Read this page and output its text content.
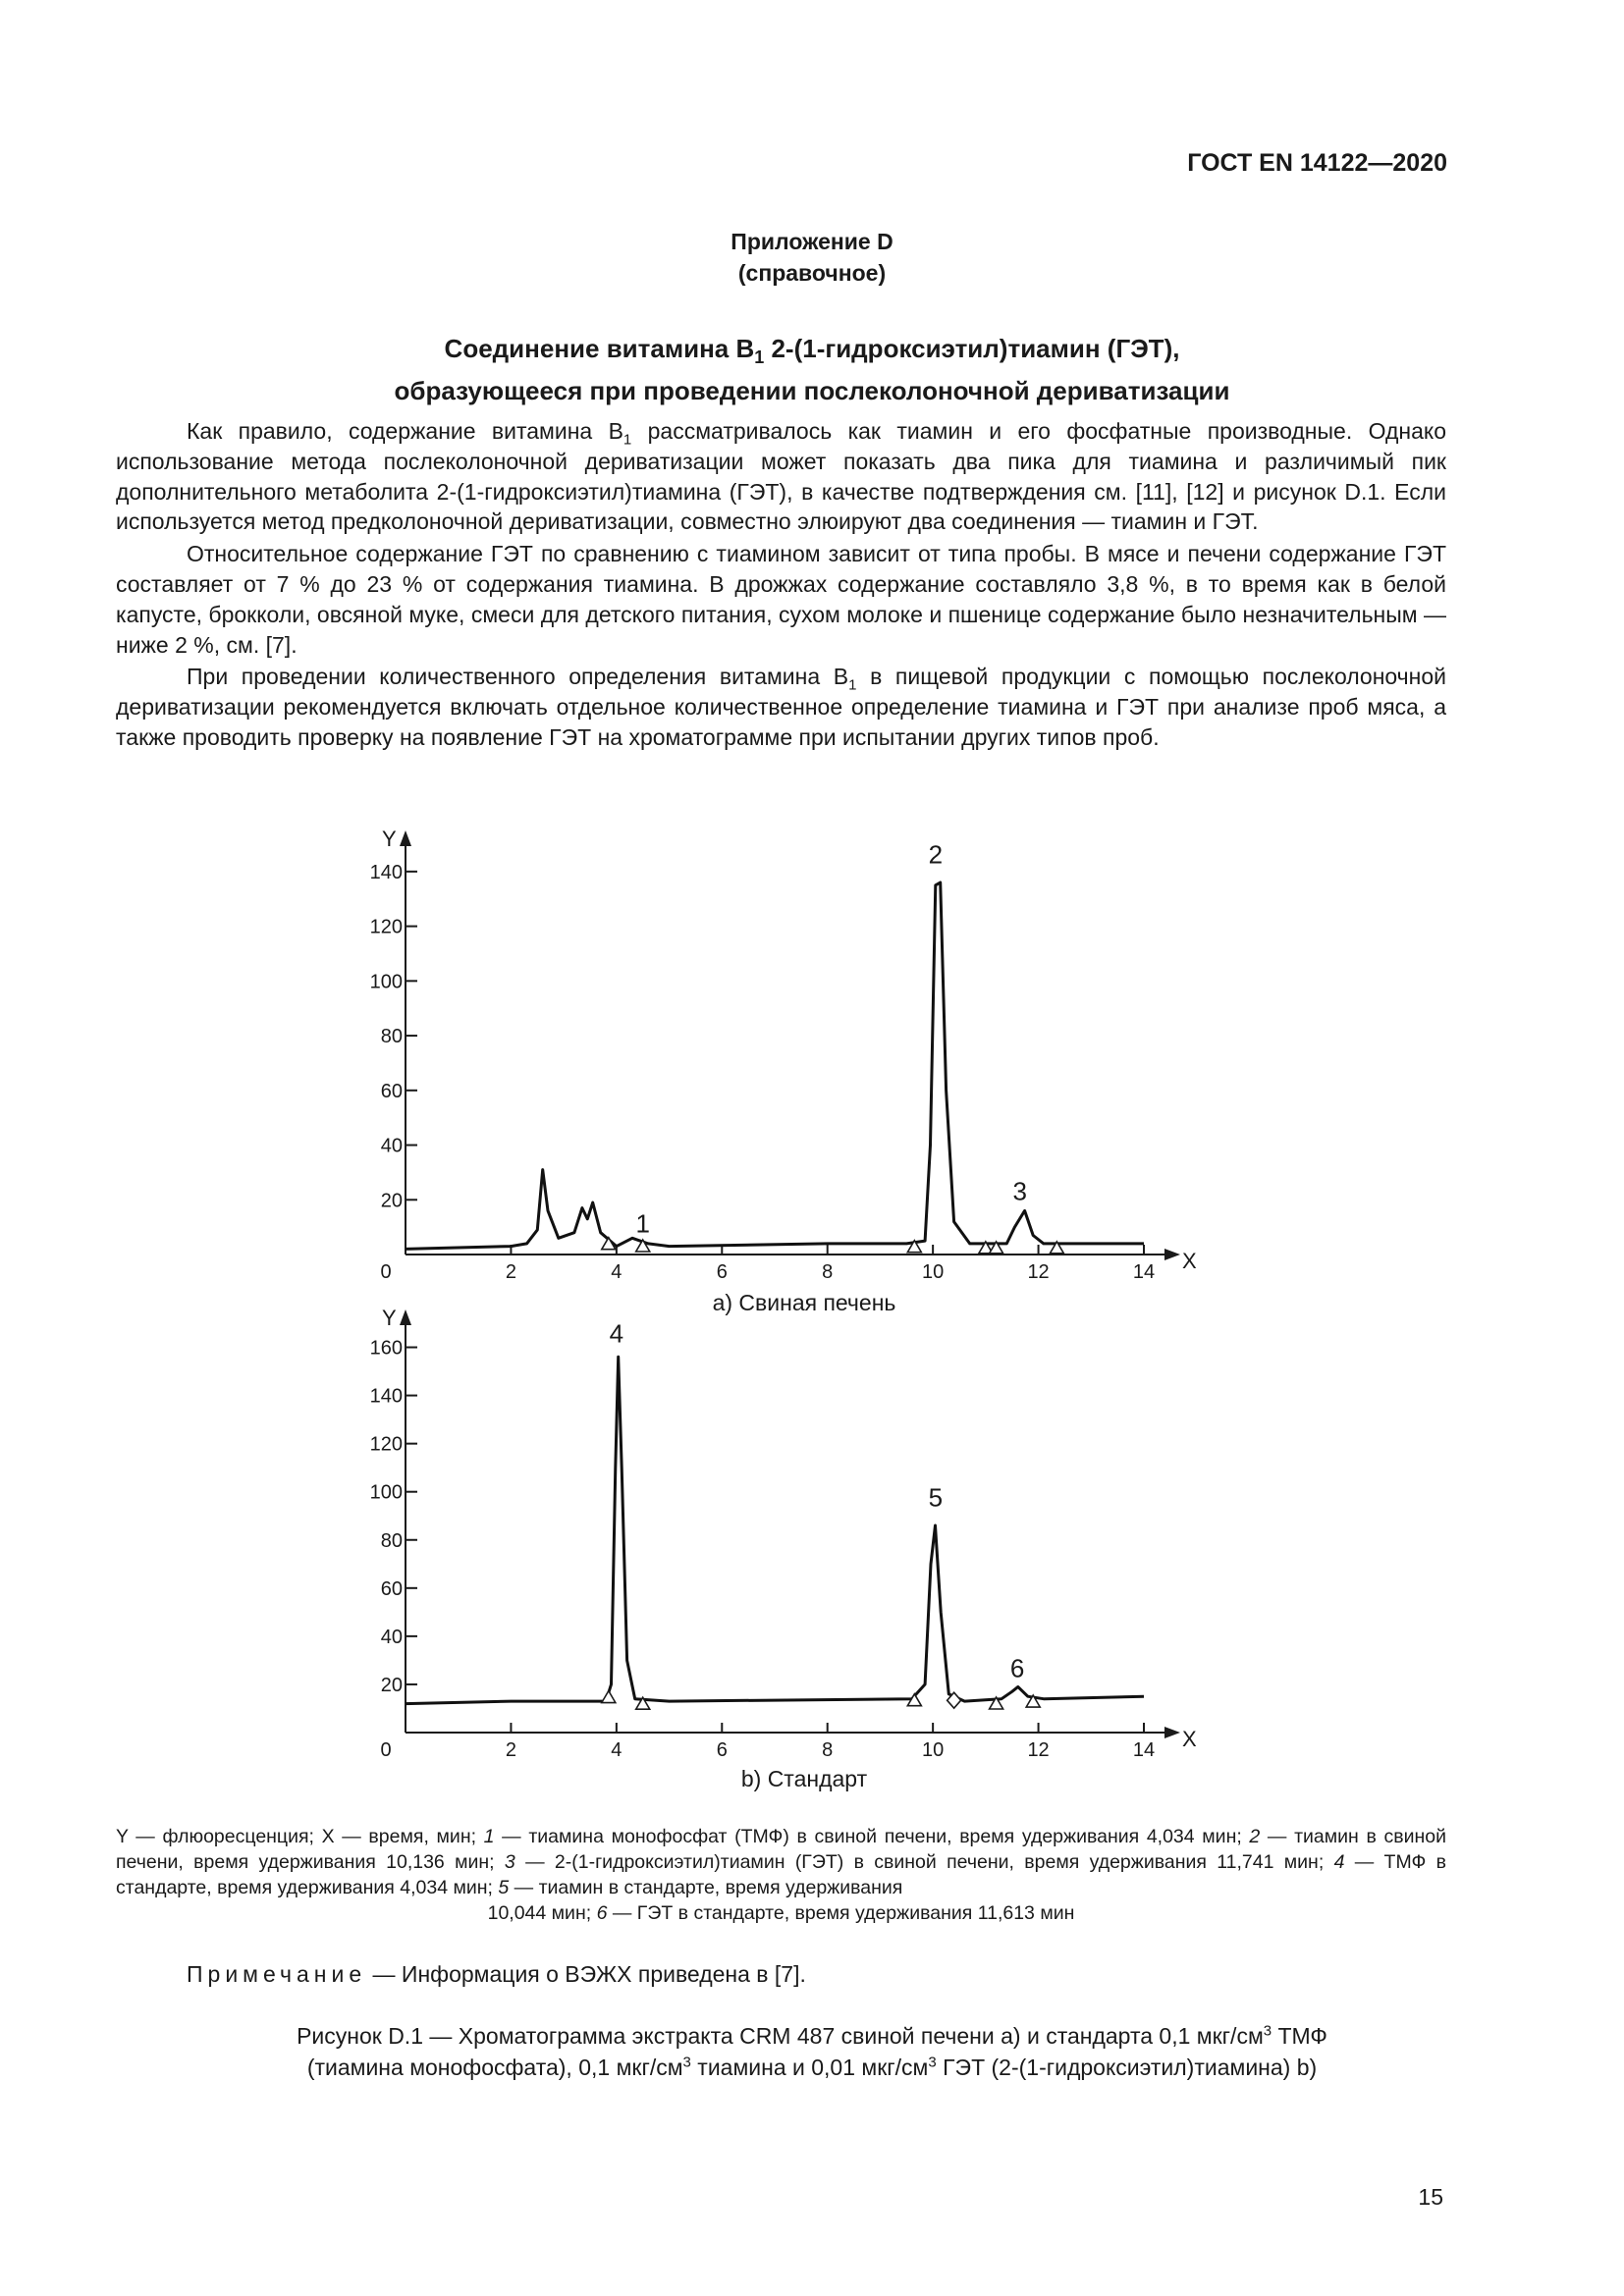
ГОСТ EN 14122—2020
Приложение D
(справочное)
Соединение витамина $B_1$ 2-(1-гидроксиэтил)тиамин (ГЭТ),
образующееся при проведении послеколоночной дериватизации

Как правило, содержание витамина $B_1$ рассматривалось как тиамин и его фосфатные производные. Однако использование метода послеколоночной дериватизации может показать два пика для тиамина и различимый пик дополнительного метаболита 2-(1-гидроксиэтил)тиамина (ГЭТ), в качестве подтверждения см. [11], [12] и рисунок D.1. Если используется метод предколоночной дериватизации, совместно элюируют два соединения — тиамин и ГЭТ.

Относительное содержание ГЭТ по сравнению с тиамином зависит от типа пробы. В мясе и печени содержание ГЭТ составляет от 7 % до 23 % от содержания тиамина. В дрожжах содержание составляло 3,8 %, в то время как в белой капусте, брокколи, овсяной муке, смеси для детского питания, сухом молоке и пшенице содержание было незначительным — ниже 2 %, см. [7].

При проведении количественного определения витамина $B_1$ в пищевой продукции с помощью послеколоночной дериватизации рекомендуется включать отдельное количественное определение тиамина и ГЭТ при анализе проб мяса, а также проводить проверку на появление ГЭТ на хроматограмме при испытании других типов проб.

Y
X
0	2	4	6	8	10	12	14
20
40
60
80
100
120
140
1
2
3
а) Свиная печень
Y
X
0	2	4	6	8	10	12	14
20
40
60
80
100
120
140
160	4
5
6
b) Стандарт
Y — флюоресценция; X — время, мин; 1 — тиамина монофосфат (ТМФ) в свиной печени, время удерживания 4,034 мин; 2 — тиамин в свиной печени, время удерживания 10,136 мин; 3 — 2-(1-гидроксиэтил)тиамин (ГЭТ) в свиной печени, время удерживания 11,741 мин; 4 — ТМФ в стандарте, время удерживания 4,034 мин; 5 — тиамин в стандарте, время удерживания
10,044 мин; 6 — ГЭТ в стандарте, время удерживания 11,613 мин
Примечание — Информация о ВЭЖХ приведена в [7].
Рисунок D.1 — Хроматограмма экстракта CRM 487 свиной печени а) и стандарта 0,1 мкг/$см^3$ ТМФ
(тиамина монофосфата), 0,1 мкг/$см^3$ тиамина и 0,01 мкг/$см^3$ ГЭТ (2-(1-гидроксиэтил)тиамина) b)
15
